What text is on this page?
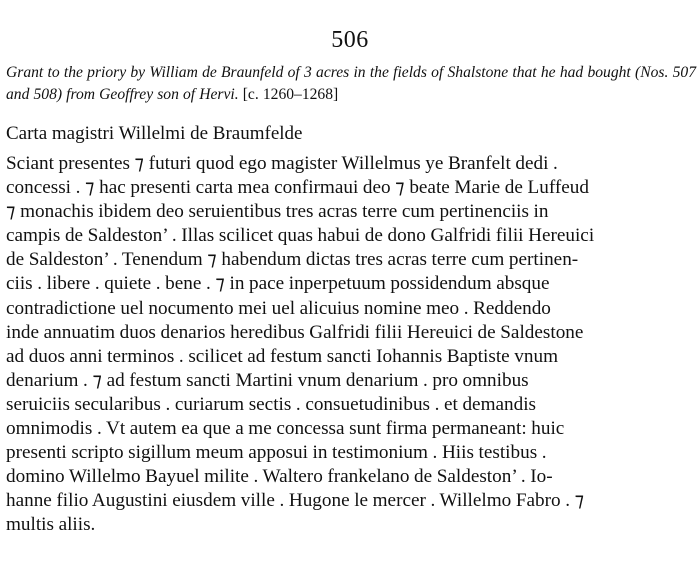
506
Grant to the priory by William de Braunfeld of 3 acres in the fields of Shalstone that he had bought (Nos. 507 and 508) from Geoffrey son of Hervi. [c. 1260–1268]
Carta magistri Willelmi de Braumfelde
Sciant presentes ⁊ futuri quod ego magister Willelmus ye Branfelt dedi .
concessi . ⁊ hac presenti carta mea confirmaui deo ⁊ beate Marie de Luffeud
⁊ monachis ibidem deo seruientibus tres acras terre cum pertinenciis in
campis de Saldeston’ . Illas scilicet quas habui de dono Galfridi filii Hereuici
de Saldeston’ . Tenendum ⁊ habendum dictas tres acras terre cum pertinen-
ciis . libere . quiete . bene . ⁊ in pace inperpetuum possidendum absque
contradictione uel nocumento mei uel alicuius nomine meo . Reddendo
inde annuatim duos denarios heredibus Galfridi filii Hereuici de Saldestone
ad duos anni terminos . scilicet ad festum sancti Iohannis Baptiste vnum
denarium . ⁊ ad festum sancti Martini vnum denarium . pro omnibus
seruiciis secularibus . curiarum sectis . consuetudinibus . et demandis
omnimodis . Vt autem ea que a me concessa sunt firma permaneant: huic
presenti scripto sigillum meum apposui in testimonium . Hiis testibus .
domino Willelmo Bayuel milite . Waltero frankelano de Saldeston’ . Io-
hanne filio Augustini eiusdem ville . Hugone le mercer . Willelmo Fabro . ⁊
multis aliis.
